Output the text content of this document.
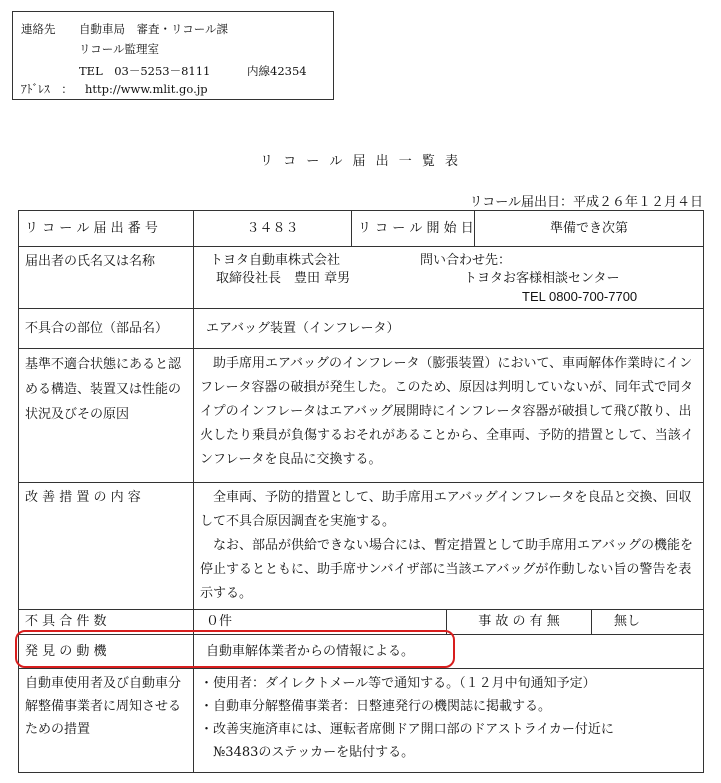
連絡先 自動車局　審査・リコール課
リコール監理室
TEL　03－5253－8111	内線42354
ｱﾄﾞﾚｽ　： http://www.mlit.go.jp
リ コ ー ル 届 出 一 覧 表
リコール届出日：平成２６年１２月４日
リ コ ー ル 届 出 番 号	３４８３	リ コ ー ル 開 始 日		準備でき次第	
届出者の氏名又は名称	トヨタ自動車株式会社
取締役社長　豊田 章男
問い合わせ先：
トヨタお客様相談センター
TEL 0800-700-7700				

不具合の部位（部品名）	エアバッグ装置（インフレータ）				
基準不適合状態にあると認める構造、装置又は性能の状況及びその原因	　助手席用エアバッグのインフレータ（膨張装置）において、車両解体作業時にインフレータ容器の破損が発生した。このため、原因は判明していないが、同年式で同タイプのインフレータはエアバッグ展開時にインフレータ容器が破損して飛び散り、出火したり乗員が負傷するおそれがあることから、全車両、予防的措置として、当該インフレータを良品に交換する。				
改 善 措 置 の 内 容	　全車両、予防的措置として、助手席用エアバッグインフレータを良品と交換、回収して不具合原因調査を実施する。
　なお、部品が供給できない場合には、暫定措置として助手席用エアバッグの機能を停止するとともに、助手席サンバイザ部に当該エアバッグが作動しない旨の警告を表示する。				

不 具 合 件 数	０件		事 故 の 有 無		無し
発 見 の 動 機	自動車解体業者からの情報による。				
自動車使用者及び自動車分解整備事業者に周知させるための措置	・使用者：ダイレクトメール等で通知する。（１２月中旬通知予定）
・自動車分解整備事業者：日整連発行の機関誌に掲載する。
・改善実施済車には、運転者席側ドア開口部のドアストライカー付近に
　№3483のステッカーを貼付する。				
